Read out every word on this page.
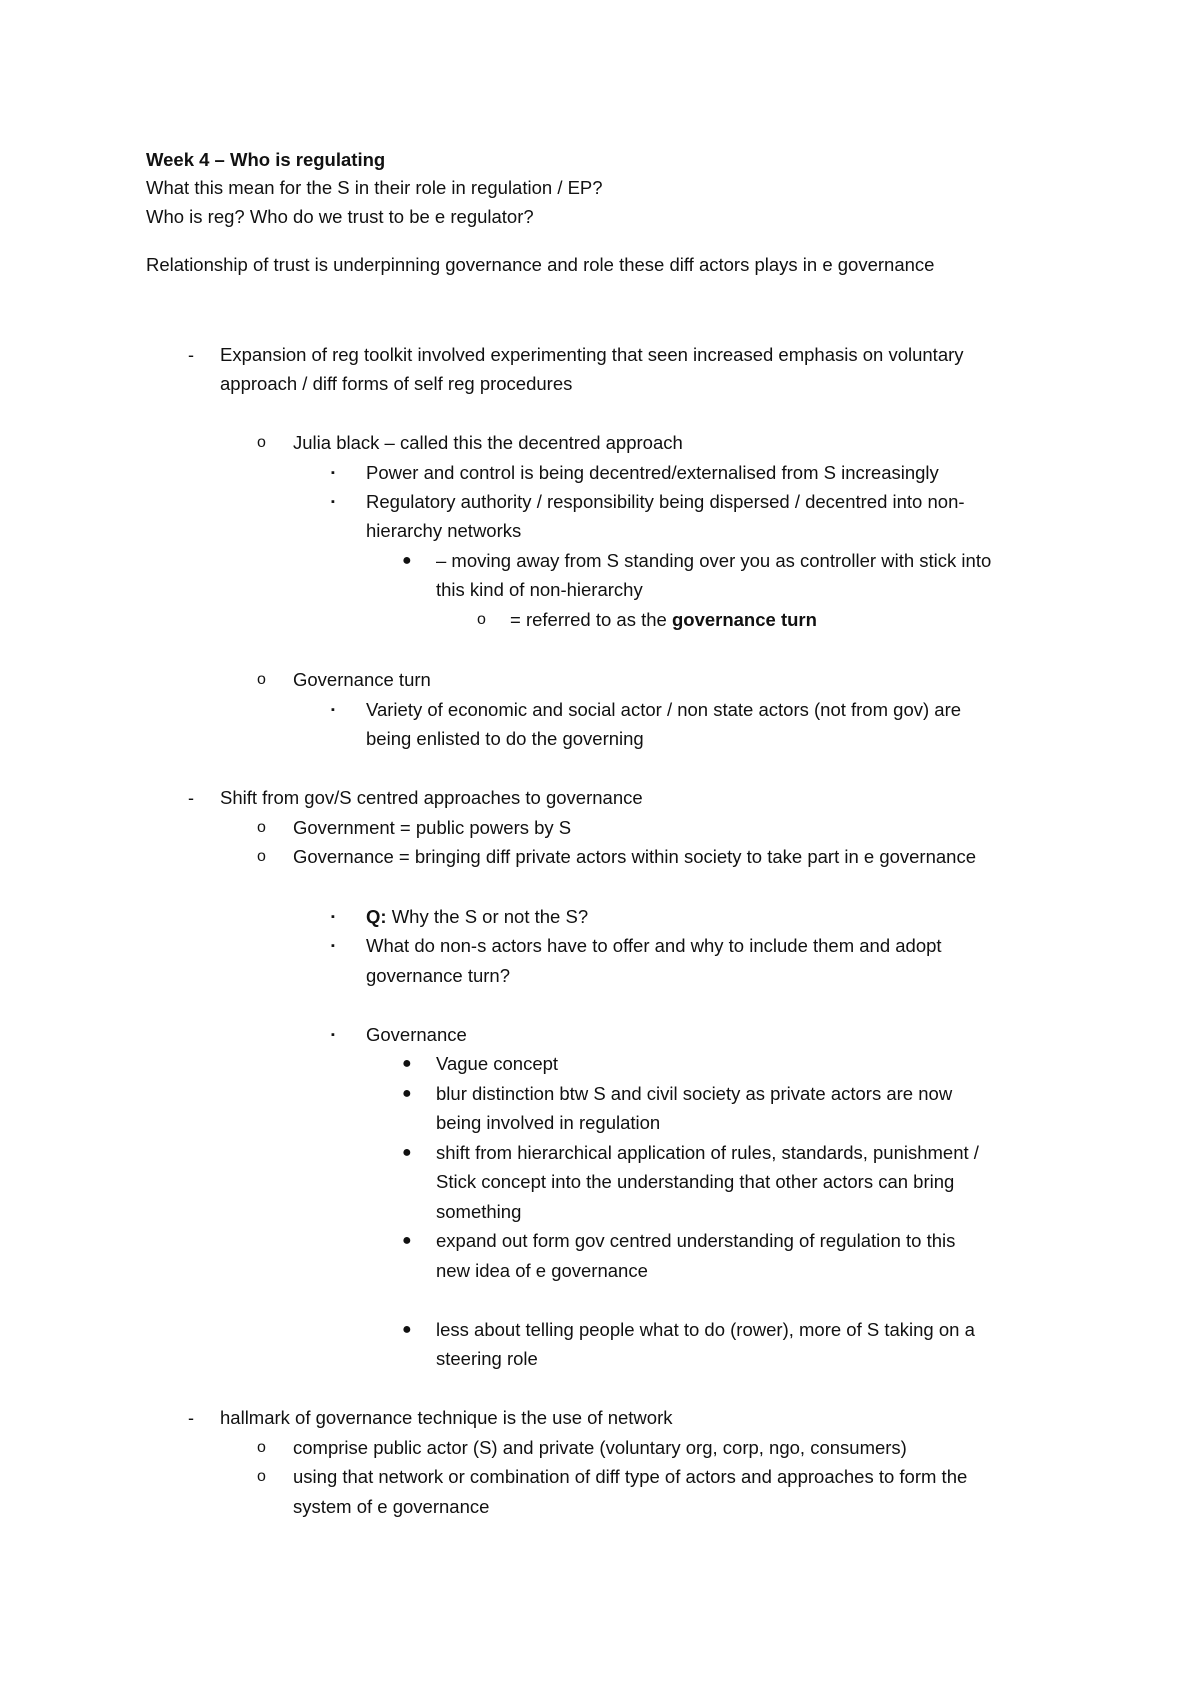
Week 4 – Who is regulating
What this mean for the S in their role in regulation / EP?
Who is reg? Who do we trust to be e regulator?
Relationship of trust is underpinning governance and role these diff actors plays in e governance
- Expansion of reg toolkit involved experimenting that seen increased emphasis on voluntary
approach / diff forms of self reg procedures
o Julia black – called this the decentred approach
▪ Power and control is being decentred/externalised from S increasingly
▪ Regulatory authority / responsibility being dispersed / decentred into non-
hierarchy networks
● – moving away from S standing over you as controller with stick into
this kind of non-hierarchy
o = referred to as the governance turn
o Governance turn
▪ Variety of economic and social actor / non state actors (not from gov) are
being enlisted to do the governing
- Shift from gov/S centred approaches to governance
o Government = public powers by S
o Governance = bringing diff private actors within society to take part in e governance
▪ Q: Why the S or not the S?
▪ What do non-s actors have to offer and why to include them and adopt
governance turn?
▪ Governance
● Vague concept
● blur distinction btw S and civil society as private actors are now
being involved in regulation
● shift from hierarchical application of rules, standards, punishment /
Stick concept into the understanding that other actors can bring
something
● expand out form gov centred understanding of regulation to this
new idea of e governance
● less about telling people what to do (rower), more of S taking on a
steering role
- hallmark of governance technique is the use of network
o comprise public actor (S) and private (voluntary org, corp, ngo, consumers)
o using that network or combination of diff type of actors and approaches to form the
system of e governance
